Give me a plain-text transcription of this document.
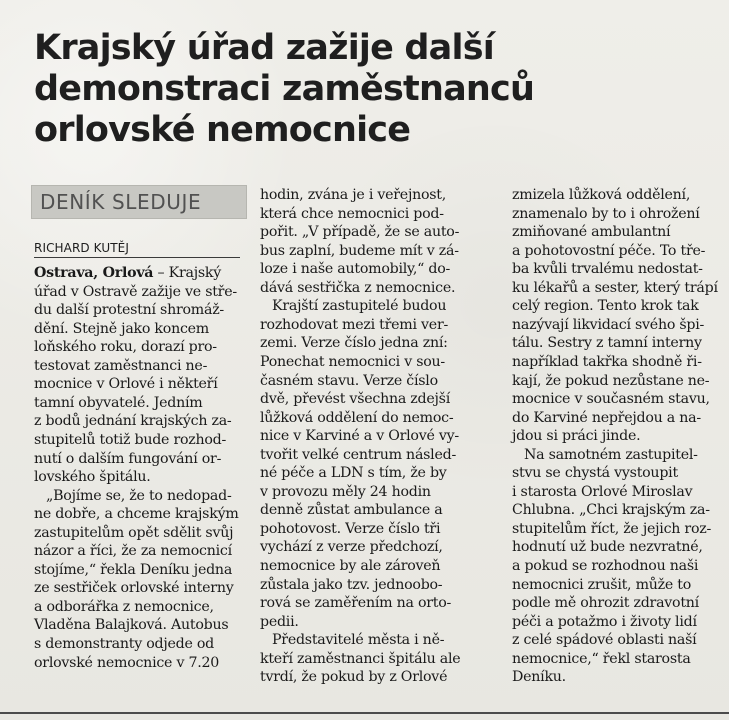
Krajský úřad zažije další
demonstraci zaměstnanců
orlovské nemocnice
DENÍK SLEDUJE
RICHARD KUTĚJ
Ostrava, Orlová – Krajský
úřad v Ostravě zažije ve stře-
du další protestní shromáž-
dění. Stejně jako koncem
loňského roku, dorazí pro-
testovat zaměstnanci ne-
mocnice v Orlové i někteří
tamní obyvatelé. Jedním
z bodů jednání krajských za-
stupitelů totiž bude rozhod-
nutí o dalším fungování or-
lovského špitálu.
„Bojíme se, že to nedopad-
ne dobře, a chceme krajským
zastupitelům opět sdělit svůj
názor a říci, že za nemocnicí
stojíme,“ řekla Deníku jedna
ze sestřiček orlovské interny
a odborářka z nemocnice,
Vladěna Balajková. Autobus
s demonstranty odjede od
orlovské nemocnice v 7.20
hodin, zvána je i veřejnost,
která chce nemocnici pod-
pořit. „V případě, že se auto-
bus zaplní, budeme mít v zá-
loze i naše automobily,“ do-
dává sestřička z nemocnice.
Krajští zastupitelé budou
rozhodovat mezi třemi ver-
zemi. Verze číslo jedna zní:
Ponechat nemocnici v sou-
časném stavu. Verze číslo
dvě, převést všechna zdejší
lůžková oddělení do nemoc-
nice v Karviné a v Orlové vy-
tvořit velké centrum násled-
né péče a LDN s tím, že by
v provozu měly 24 hodin
denně zůstat ambulance a
pohotovost. Verze číslo tři
vychází z verze předchozí,
nemocnice by ale zároveň
zůstala jako tzv. jednoobo-
rová se zaměřením na orto-
pedii.
Představitelé města i ně-
kteří zaměstnanci špitálu ale
tvrdí, že pokud by z Orlové
zmizela lůžková oddělení,
znamenalo by to i ohrožení
zmiňované ambulantní
a pohotovostní péče. To tře-
ba kvůli trvalému nedostat-
ku lékařů a sester, který trápí
celý region. Tento krok tak
nazývají likvidací svého špi-
tálu. Sestry z tamní interny
například takřka shodně ři-
kají, že pokud nezůstane ne-
mocnice v současném stavu,
do Karviné nepřejdou a na-
jdou si práci jinde.
Na samotném zastupitel-
stvu se chystá vystoupit
i starosta Orlové Miroslav
Chlubna. „Chci krajským za-
stupitelům říct, že jejich roz-
hodnutí už bude nezvratné,
a pokud se rozhodnou naši
nemocnici zrušit, může to
podle mě ohrozit zdravotní
péči a potažmo i životy lidí
z celé spádové oblasti naší
nemocnice,“ řekl starosta
Deníku.
